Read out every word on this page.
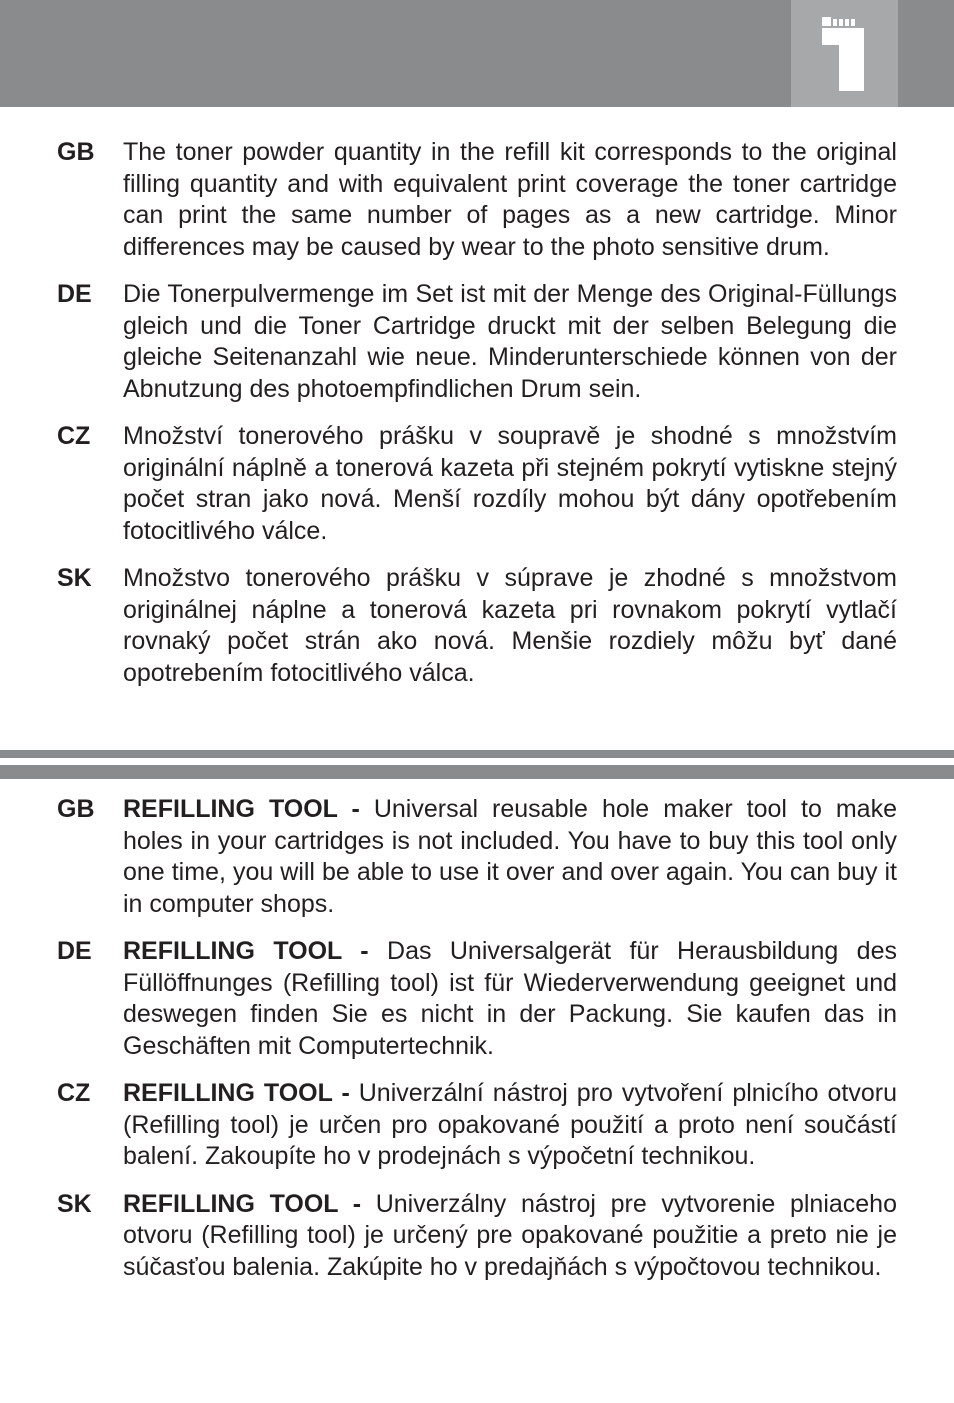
GB The toner powder quantity in the refill kit corresponds to the original filling quantity and with equivalent print coverage the toner cartridge can print the same number of pages as a new cartridge. Minor differences may be caused by wear to the photo sensitive drum.
DE Die Tonerpulvermenge im Set ist mit der Menge des Original-Füllungs gleich und die Toner Cartridge druckt mit der selben Belegung die gleiche Seitenanzahl wie neue. Minderunterschiede können von der Abnutzung des photoempfindlichen Drum sein.
CZ Množství tonerového prášku v soupravě je shodné s množstvím originální náplně a tonerová kazeta při stejném pokrytí vytiskne stejný počet stran jako nová. Menší rozdíly mohou být dány opotřebením fotocitlivého válce.
SK Množstvo tonerového prášku v súprave je zhodné s množstvom originálnej náplne a tonerová kazeta pri rovnakom pokrytí vytlačí rovnaký počet strán ako nová. Menšie rozdiely môžu byť dané opotrebením fotocitlivého válca.
GB REFILLING TOOL - Universal reusable hole maker tool to make holes in your cartridges is not included. You have to buy this tool only one time, you will be able to use it over and over again. You can buy it in computer shops.
DE REFILLING TOOL - Das Universalgerät für Herausbildung des Füllöffnunges (Refilling tool) ist für Wiederverwendung geeignet und deswegen finden Sie es nicht in der Packung. Sie kaufen das in Geschäften mit Computertechnik.
CZ REFILLING TOOL - Univerzální nástroj pro vytvoření plnicího otvoru (Refilling tool) je určen pro opakované použití a proto není součástí balení. Zakoupíte ho v prodejnách s výpočetní technikou.
SK REFILLING TOOL - Univerzálny nástroj pre vytvorenie plniaceho otvoru (Refilling tool) je určený pre opakované použitie a preto nie je súčasťou balenia. Zakúpite ho v predajňách s výpočtovou technikou.
